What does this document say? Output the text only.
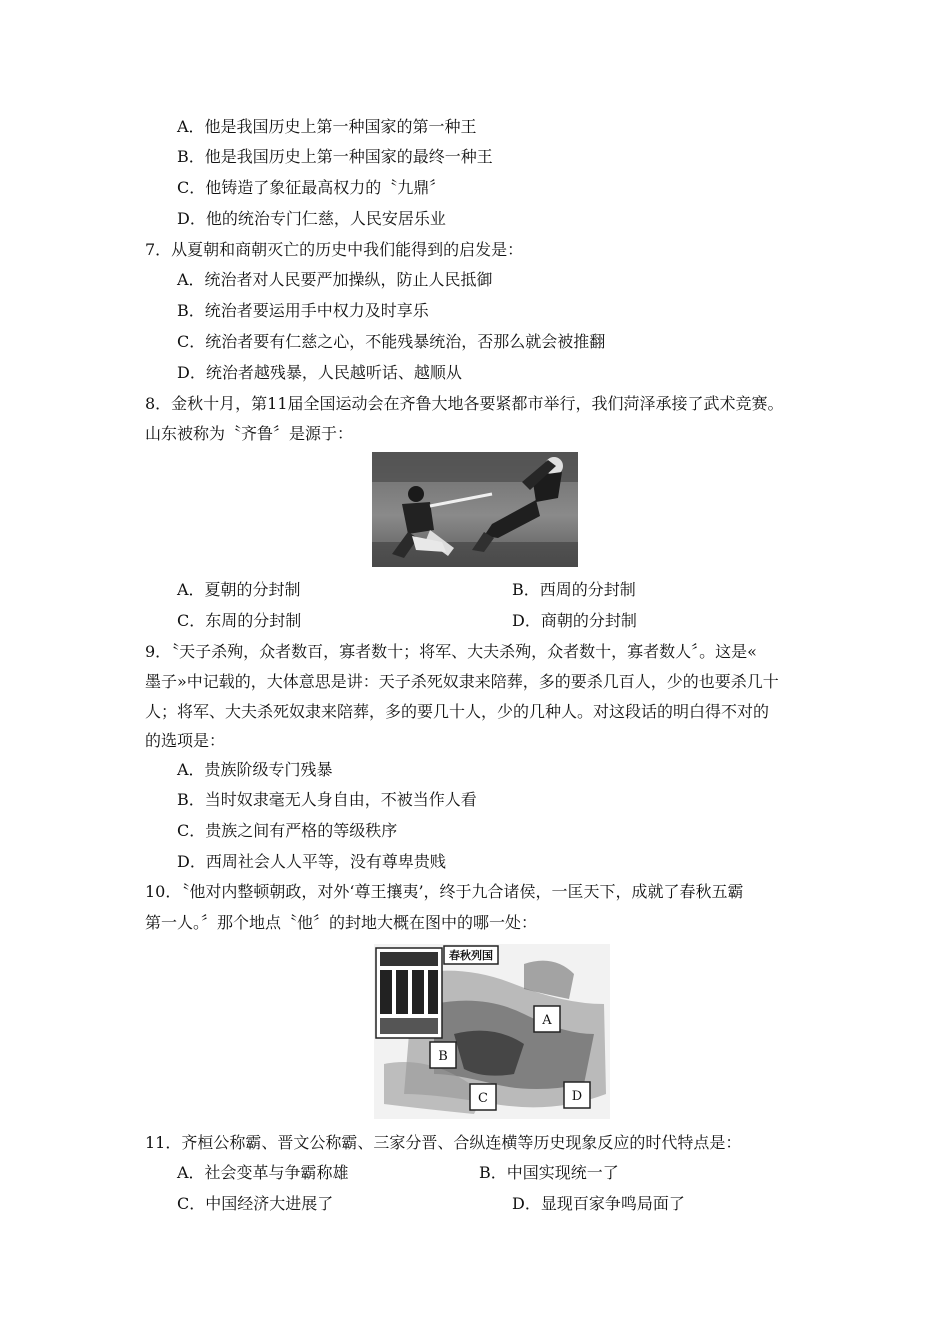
A．他是我国历史上第一种国家的第一种王
B．他是我国历史上第一种国家的最终一种王
C．他铸造了象征最高权力的〝九鼎〞
D．他的统治专门仁慈，人民安居乐业
7．从夏朝和商朝灭亡的历史中我们能得到的启发是：
A．统治者对人民要严加操纵，防止人民抵御
B．统治者要运用手中权力及时享乐
C．统治者要有仁慈之心，不能残暴统治，否那么就会被推翻
D．统治者越残暴，人民越听话、越顺从
8．金秋十月，第11届全国运动会在齐鲁大地各要紧都市举行，我们菏泽承接了武术竞赛。
山东被称为〝齐鲁〞是源于：
A．夏朝的分封制	B．西周的分封制
C．东周的分封制	D．商朝的分封制
9．〝天子杀殉，众者数百，寡者数十；将军、大夫杀殉，众者数十，寡者数人〞。这是«
墨子»中记载的，大体意思是讲：天子杀死奴隶来陪葬，多的要杀几百人，少的也要杀几十
人；将军、大夫杀死奴隶来陪葬，多的要几十人，少的几种人。对这段话的明白得不对的
的选项是：
A．贵族阶级专门残暴
B．当时奴隶毫无人身自由，不被当作人看
C．贵族之间有严格的等级秩序
D．西周社会人人平等，没有尊卑贵贱
10．〝他对内整顿朝政，对外‘尊王攘夷’，终于九合诸侯，一匡天下，成就了春秋五霸
第一人。〞那个地点〝他〞的封地大概在图中的哪一处：
春秋列国
A
B
C	D
11．齐桓公称霸、晋文公称霸、三家分晋、合纵连横等历史现象反应的时代特点是：
A．社会变革与争霸称雄	B．中国实现统一了
C．中国经济大进展了	D．显现百家争鸣局面了
